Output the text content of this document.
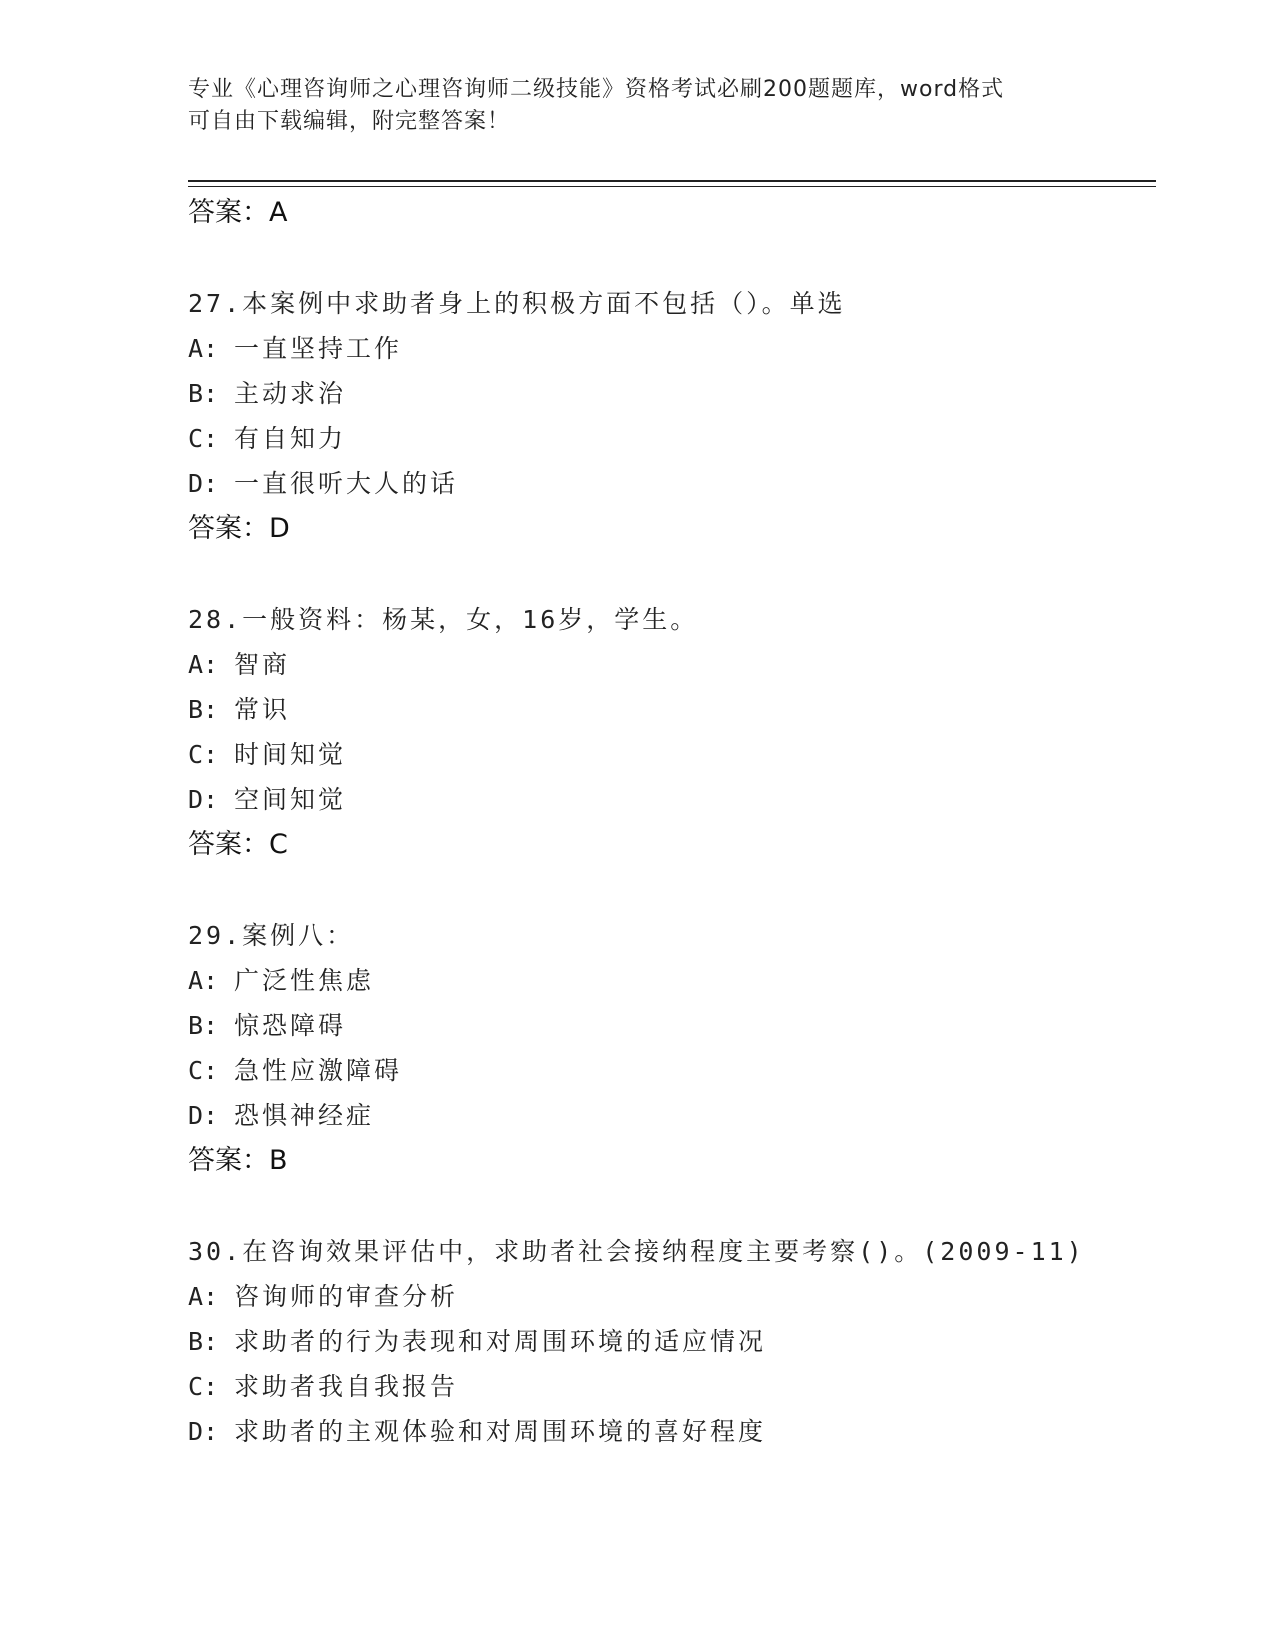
专业《心理咨询师之心理咨询师二级技能》资格考试必刷200题题库，word格式
可自由下载编辑，附完整答案！
答案：A
27.本案例中求助者身上的积极方面不包括（）。单选
A: 一直坚持工作
B: 主动求治
C: 有自知力
D: 一直很听大人的话
答案：D
28.一般资料：杨某，女，16岁，学生。
A: 智商
B: 常识
C: 时间知觉
D: 空间知觉
答案：C
29.案例八：
A: 广泛性焦虑
B: 惊恐障碍
C: 急性应激障碍
D: 恐惧神经症
答案：B
30.在咨询效果评估中，求助者社会接纳程度主要考察()。(2009-11)
A: 咨询师的审查分析
B: 求助者的行为表现和对周围环境的适应情况
C: 求助者我自我报告
D: 求助者的主观体验和对周围环境的喜好程度
